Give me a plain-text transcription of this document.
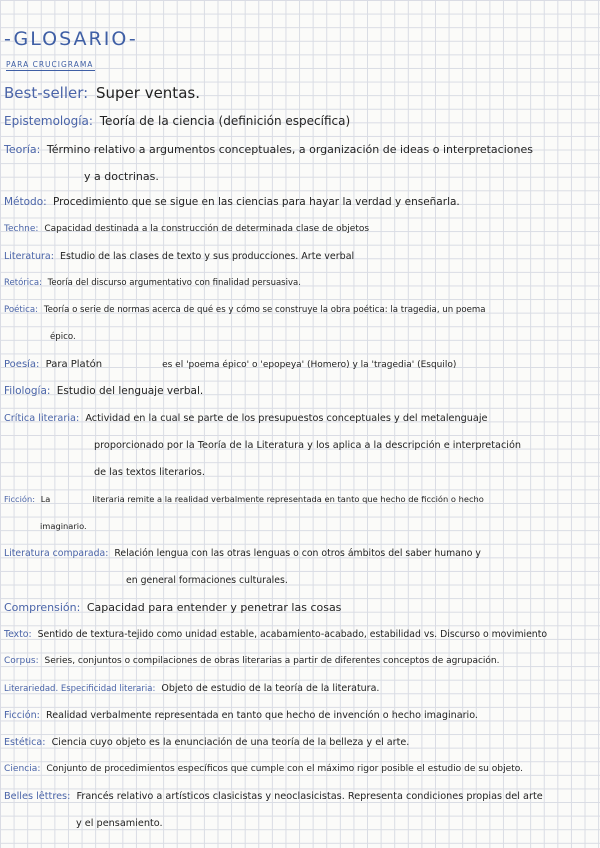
-GLOSARIO-
PARA CRUCIGRAMA
Best-seller: Super ventas.
Epistemología: Teoría de la ciencia (definición específica)
Teoría: Término relativo a argumentos conceptuales, a organización de ideas o interpretaciones
y a doctrinas.
Método: Procedimiento que se sigue en las ciencias para hayar la verdad y enseñarla.
Techne: Capacidad destinada a la construcción de determinada clase de objetos
Literatura: Estudio de las clases de texto y sus producciones. Arte verbal
Retórica: Teoría del discurso argumentativo con finalidad persuasiva.
Poética: Teoría o serie de normas acerca de qué es y cómo se construye la obra poética: la tragedia, un poema
épico.
Poesía: Para Platón	es el 'poema épico' o 'epopeya' (Homero) y la 'tragedia' (Esquilo)
Filología: Estudio del lenguaje verbal.
Crítica literaria: Actividad en la cual se parte de los presupuestos conceptuales y del metalenguaje
proporcionado por la Teoría de la Literatura y los aplica a la descripción e interpretación
de las textos literarios.
Ficción: La	literaria remite a la realidad verbalmente representada en tanto que hecho de ficción o hecho
imaginario.
Literatura comparada: Relación lengua con las otras lenguas o con otros ámbitos del saber humano y
en general formaciones culturales.
Comprensión: Capacidad para entender y penetrar las cosas
Texto: Sentido de textura-tejido como unidad estable, acabamiento-acabado, estabilidad vs. Discurso o movimiento
Corpus: Series, conjuntos o compilaciones de obras literarias a partir de diferentes conceptos de agrupación.
Literariedad. Especificidad literaria: Objeto de estudio de la teoría de la literatura.
Ficción: Realidad verbalmente representada en tanto que hecho de invención o hecho imaginario.
Estética: Ciencia cuyo objeto es la enunciación de una teoría de la belleza y el arte.
Ciencia: Conjunto de procedimientos específicos que cumple con el máximo rigor posible el estudio de su objeto.
Belles lêttres: Francés relativo a artísticos clasicistas y neoclasicistas. Representa condiciones propias del arte
y el pensamiento.
